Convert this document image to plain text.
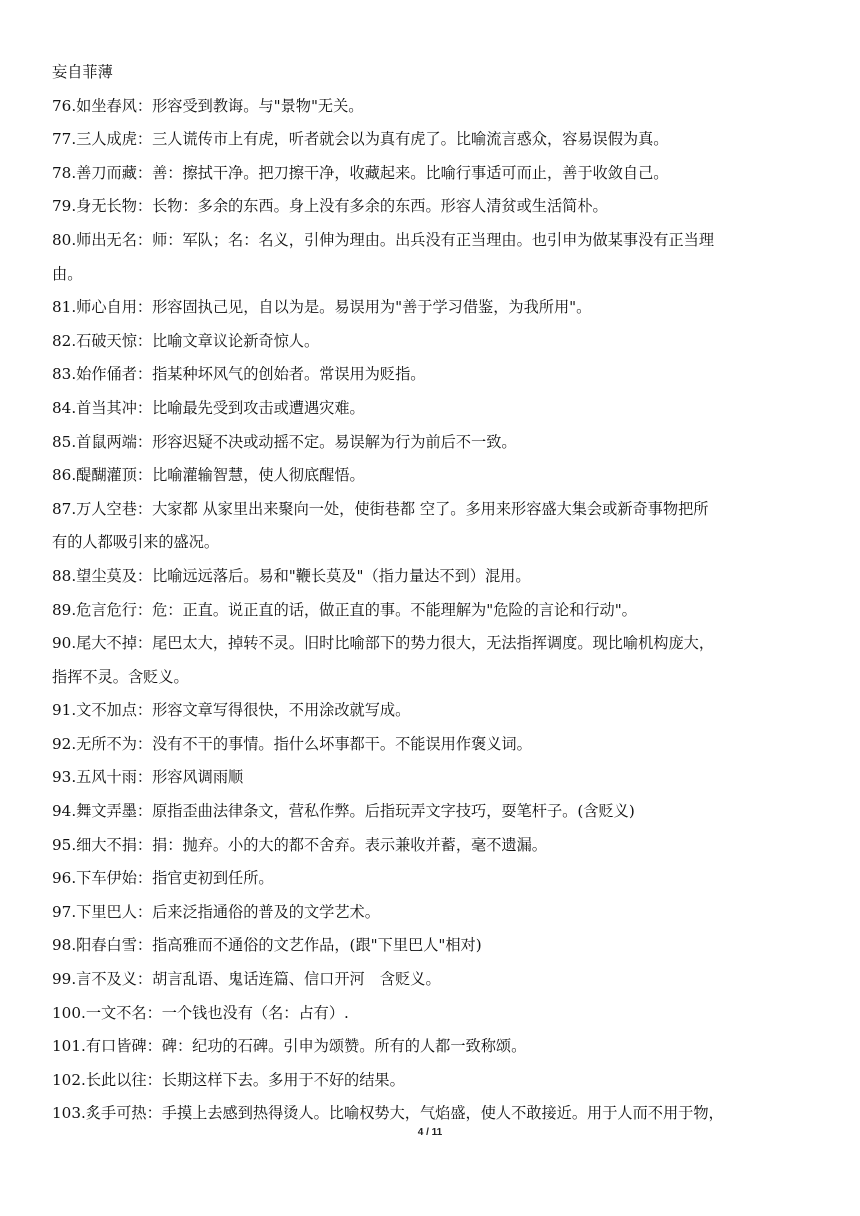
妄自菲薄
76.如坐春风：形容受到教诲。与"景物"无关。
77.三人成虎：三人谎传市上有虎，听者就会以为真有虎了。比喻流言惑众，容易误假为真。
78.善刀而藏：善：擦拭干净。把刀擦干净，收藏起来。比喻行事适可而止，善于收敛自己。
79.身无长物：长物：多余的东西。身上没有多余的东西。形容人清贫或生活简朴。
80.师出无名：师：军队；名：名义，引伸为理由。出兵没有正当理由。也引申为做某事没有正当理
由。
81.师心自用：形容固执己见，自以为是。易误用为"善于学习借鉴，为我所用"。
82.石破天惊：比喻文章议论新奇惊人。
83.始作俑者：指某种坏风气的创始者。常误用为贬指。
84.首当其冲：比喻最先受到攻击或遭遇灾难。
85.首鼠两端：形容迟疑不决或动摇不定。易误解为行为前后不一致。
86.醍醐灌顶：比喻灌输智慧，使人彻底醒悟。
87.万人空巷：大家都 从家里出来聚向一处，使街巷都 空了。多用来形容盛大集会或新奇事物把所
有的人都吸引来的盛况。
88.望尘莫及：比喻远远落后。易和"鞭长莫及"（指力量达不到）混用。
89.危言危行：危：正直。说正直的话，做正直的事。不能理解为"危险的言论和行动"。
90.尾大不掉：尾巴太大，掉转不灵。旧时比喻部下的势力很大，无法指挥调度。现比喻机构庞大，
指挥不灵。含贬义。
91.文不加点：形容文章写得很快，不用涂改就写成。
92.无所不为：没有不干的事情。指什么坏事都干。不能误用作褒义词。
93.五风十雨：形容风调雨顺
94.舞文弄墨：原指歪曲法律条文，营私作弊。后指玩弄文字技巧，耍笔杆子。(含贬义)
95.细大不捐：捐：抛弃。小的大的都不舍弃。表示兼收并蓄，毫不遗漏。
96.下车伊始：指官吏初到任所。
97.下里巴人：后来泛指通俗的普及的文学艺术。
98.阳春白雪：指高雅而不通俗的文艺作品，(跟"下里巴人"相对)
99.言不及义：胡言乱语、鬼话连篇、信口开河　含贬义。
100.一文不名：一个钱也没有（名：占有）.
101.有口皆碑：碑：纪功的石碑。引申为颂赞。所有的人都一致称颂。
102.长此以往：长期这样下去。多用于不好的结果。
103.炙手可热：手摸上去感到热得烫人。比喻权势大，气焰盛，使人不敢接近。用于人而不用于物，
4 / 11
